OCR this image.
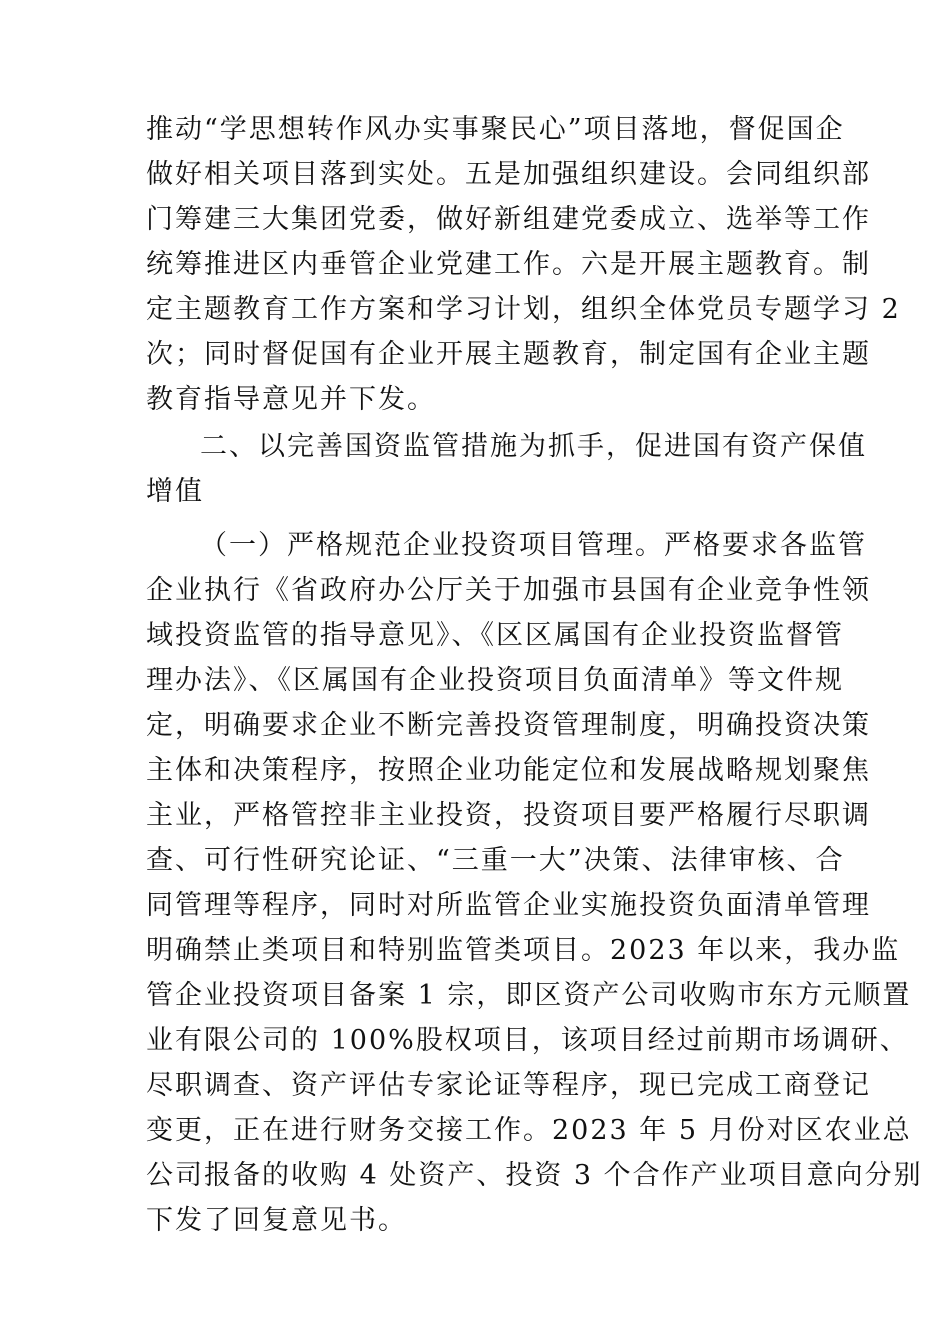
推动“学思想转作风办实事聚民心”项目落地，督促国企
做好相关项目落到实处。五是加强组织建设。会同组织部
门筹建三大集团党委，做好新组建党委成立、选举等工作
统筹推进区内垂管企业党建工作。六是开展主题教育。制
定主题教育工作方案和学习计划，组织全体党员专题学习 2
次；同时督促国有企业开展主题教育，制定国有企业主题
教育指导意见并下发。
二、以完善国资监管措施为抓手，促进国有资产保值
增值
（一）严格规范企业投资项目管理。严格要求各监管
企业执行《省政府办公厅关于加强市县国有企业竞争性领
域投资监管的指导意见》、《区区属国有企业投资监督管
理办法》、《区属国有企业投资项目负面清单》等文件规
定，明确要求企业不断完善投资管理制度，明确投资决策
主体和决策程序，按照企业功能定位和发展战略规划聚焦
主业，严格管控非主业投资，投资项目要严格履行尽职调
查、可行性研究论证、“三重一大”决策、法律审核、合
同管理等程序，同时对所监管企业实施投资负面清单管理
明确禁止类项目和特别监管类项目。2023 年以来，我办监
管企业投资项目备案 1 宗，即区资产公司收购市东方元顺置
业有限公司的 100%股权项目，该项目经过前期市场调研、
尽职调查、资产评估专家论证等程序，现已完成工商登记
变更，正在进行财务交接工作。2023 年 5 月份对区农业总
公司报备的收购 4 处资产、投资 3 个合作产业项目意向分别
下发了回复意见书。
